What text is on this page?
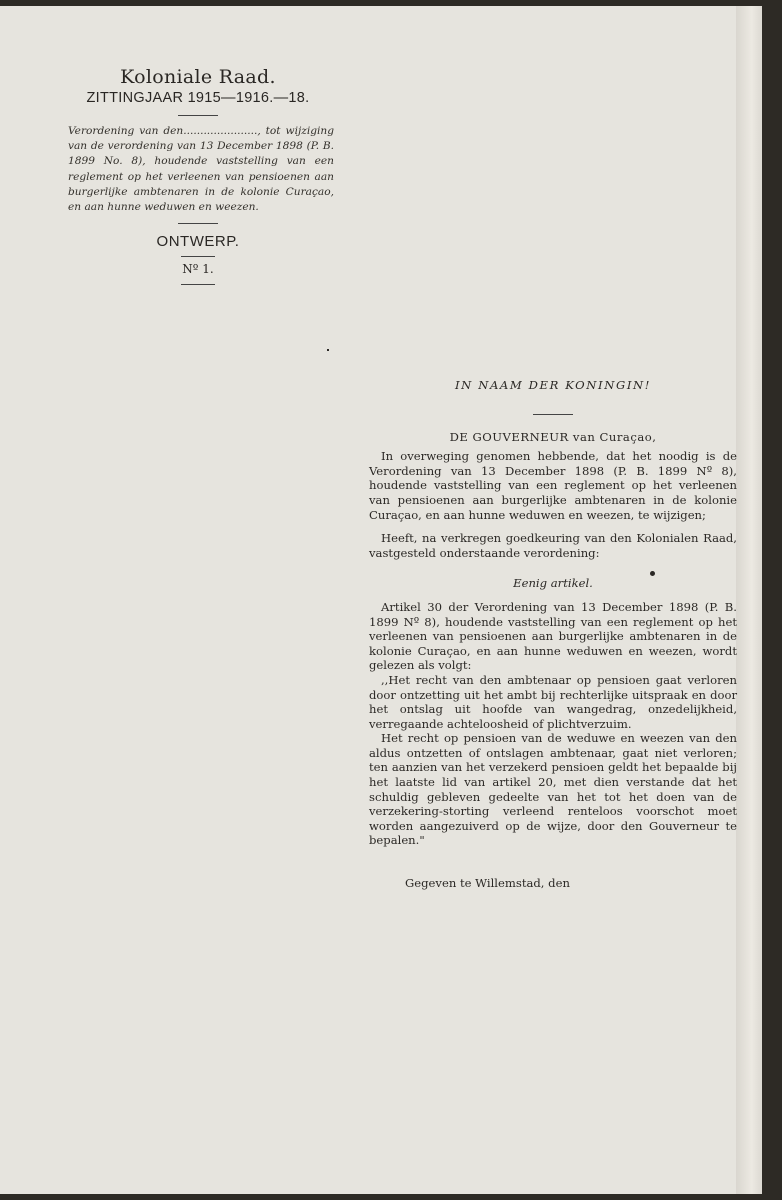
Koloniale Raad.

ZITTINGJAAR 1915—1916.—18.

Verordening van den......................, tot wijziging van de verordening van 13 December 1898 (P. B. 1899 No. 8), houdende vaststelling van een reglement op het verleenen van pensioenen aan burgerlijke ambtenaren in de kolonie Curaçao, en aan hunne weduwen en weezen.

ONTWERP.

Nº 1.

IN NAAM DER KONINGIN!

DE GOUVERNEUR van Curaçao,

In overweging genomen hebbende, dat het noodig is de Verordening van 13 December 1898 (P. B. 1899 Nº 8), houdende vaststelling van een reglement op het verleenen van pensioenen aan burgerlijke ambtenaren in de kolonie Curaçao, en aan hunne weduwen en weezen, te wijzigen;

Heeft, na verkregen goedkeuring van den Kolonialen Raad, vastgesteld onderstaande verordening:

Eenig artikel.

Artikel 30 der Verordening van 13 December 1898 (P. B. 1899 Nº 8), houdende vaststelling van een reglement op het verleenen van pensioenen aan burgerlijke ambtenaren in de kolonie Curaçao, en aan hunne weduwen en weezen, wordt gelezen als volgt:

,,Het recht van den ambtenaar op pensioen gaat verloren door ontzetting uit het ambt bij rechterlijke uitspraak en door het ontslag uit hoofde van wangedrag, onzedelijkheid, verregaande achteloosheid of plichtverzuim.

Het recht op pensioen van de weduwe en weezen van den aldus ontzetten of ontslagen ambtenaar, gaat niet verloren; ten aanzien van het verzekerd pensioen geldt het bepaalde bij het laatste lid van artikel 20, met dien verstande dat het schuldig gebleven gedeelte van het tot het doen van de verzekering-storting verleend renteloos voorschot moet worden aangezuiverd op de wijze, door den Gouverneur te bepalen."

Gegeven te Willemstad, den
